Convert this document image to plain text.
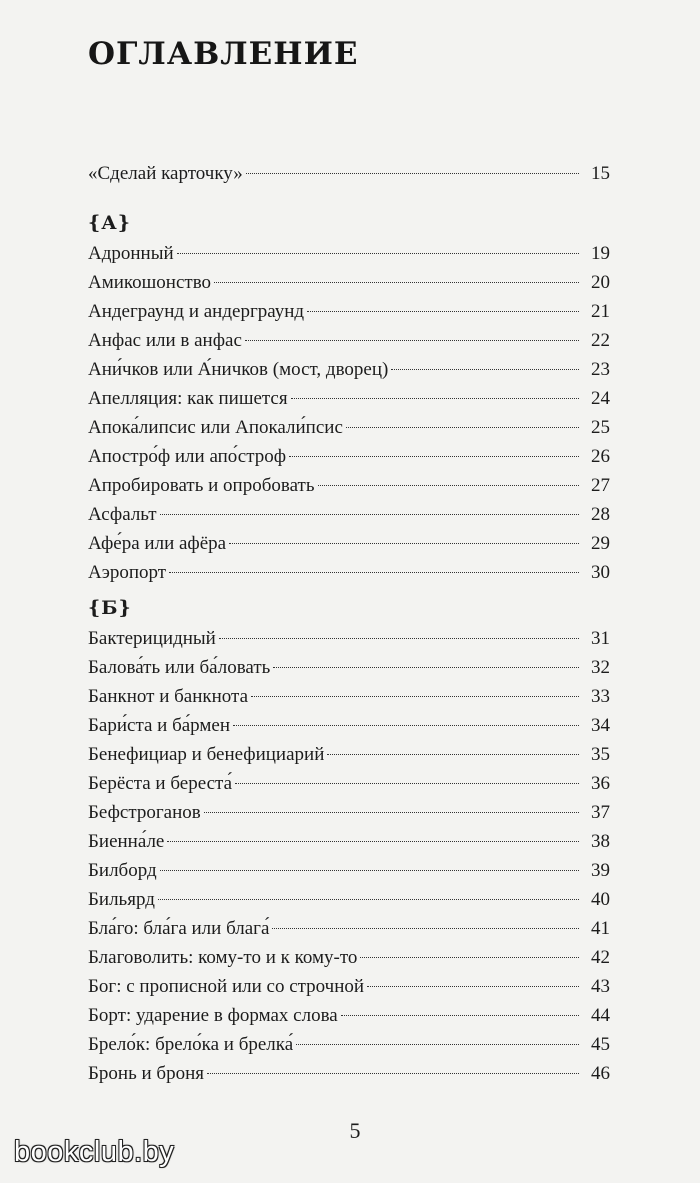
ОГЛАВЛЕНИЕ
«Сделай карточку»	15
{А}
Адронный	19
Амикошонство	20
Андеграунд и андерграунд	21
Анфас или в анфас	22
Ани́чков или А́ничков (мост, дворец)	23
Апелляция: как пишется	24
Апока́липсис или Апокали́псис	25
Апостро́ф или апо́строф	26
Апробировать и опробовать	27
Асфальт	28
Афе́ра или афёра	29
Аэропорт	30
{Б}
Бактерицидный	31
Балова́ть или ба́ловать	32
Банкнот и банкнота	33
Бари́ста и ба́рмен	34
Бенефициар и бенефициарий	35
Берёста и береста́	36
Бефстроганов	37
Биенна́ле	38
Билборд	39
Бильярд	40
Бла́го: бла́га или блага́	41
Благоволить: кому-то и к кому-то	42
Бог: с прописной или со строчной	43
Борт: ударение в формах слова	44
Брело́к: брело́ка и брелка́	45
Бронь и броня	46
5
bookclub.by
